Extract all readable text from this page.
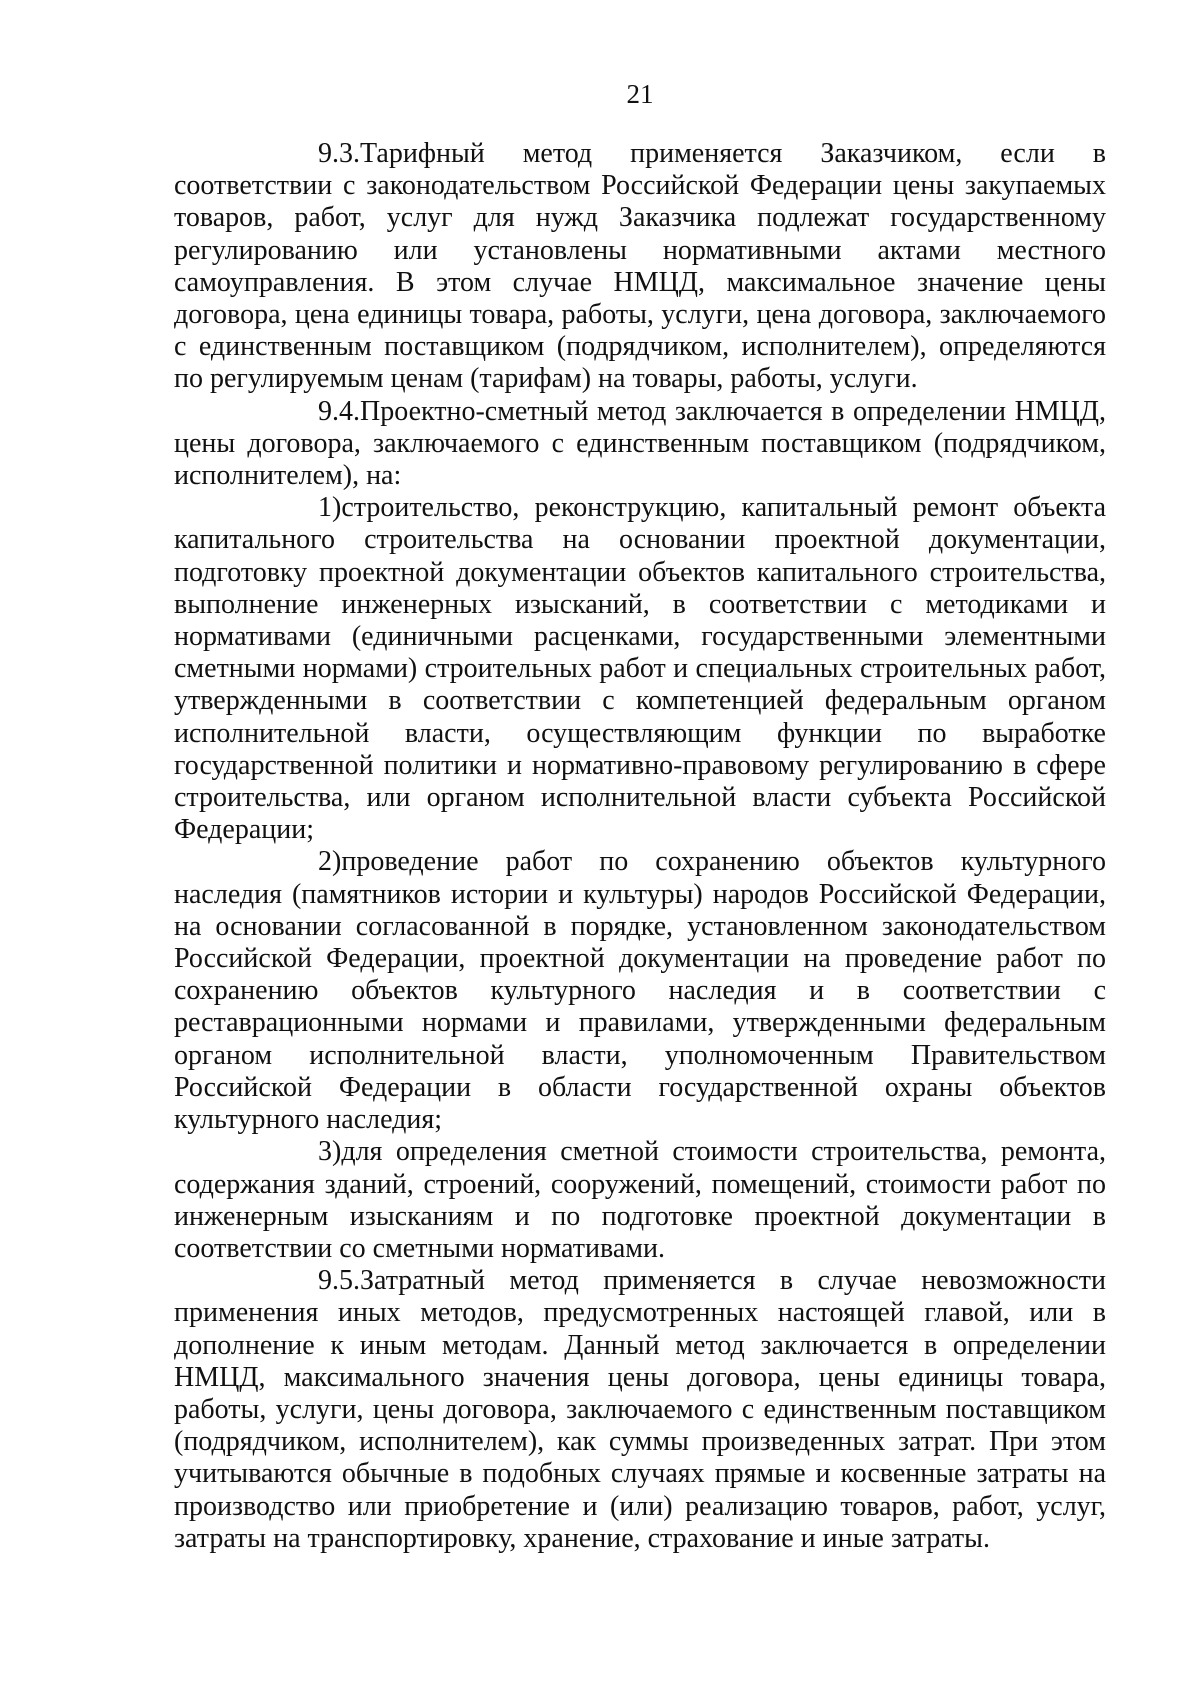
21

9.3.Тарифный метод применяется Заказчиком, если в соответствии с законодательством Российской Федерации цены закупаемых товаров, работ, услуг для нужд Заказчика подлежат государственному регулированию или установлены нормативными актами местного самоуправления. В этом случае НМЦД, максимальное значение цены договора, цена единицы товара, работы, услуги, цена договора, заключаемого с единственным поставщиком (подрядчиком, исполнителем), определяются по регулируемым ценам (тарифам) на товары, работы, услуги.

9.4.Проектно-сметный метод заключается в определении НМЦД, цены договора, заключаемого с единственным поставщиком (подрядчиком, исполнителем), на:

1)строительство, реконструкцию, капитальный ремонт объекта капитального строительства на основании проектной документации, подготовку проектной документации объектов капитального строительства, выполнение инженерных изысканий, в соответствии с методиками и нормативами (единичными расценками, государственными элементными сметными нормами) строительных работ и специальных строительных работ, утвержденными в соответствии с компетенцией федеральным органом исполнительной власти, осуществляющим функции по выработке государственной политики и нормативно-правовому регулированию в сфере строительства, или органом исполнительной власти субъекта Российской Федерации;

2)проведение работ по сохранению объектов культурного наследия (памятников истории и культуры) народов Российской Федерации, на основании согласованной в порядке, установленном законодательством Российской Федерации, проектной документации на проведение работ по сохранению объектов культурного наследия и в соответствии с реставрационными нормами и правилами, утвержденными федеральным органом исполнительной власти, уполномоченным Правительством Российской Федерации в области государственной охраны объектов культурного наследия;

3)для определения сметной стоимости строительства, ремонта, содержания зданий, строений, сооружений, помещений, стоимости работ по инженерным изысканиям и по подготовке проектной документации в соответствии со сметными нормативами.

9.5.Затратный метод применяется в случае невозможности применения иных методов, предусмотренных настоящей главой, или в дополнение к иным методам. Данный метод заключается в определении НМЦД, максимального значения цены договора, цены единицы товара, работы, услуги, цены договора, заключаемого с единственным поставщиком (подрядчиком, исполнителем), как суммы произведенных затрат. При этом учитываются обычные в подобных случаях прямые и косвенные затраты на производство или приобретение и (или) реализацию товаров, работ, услуг, затраты на транспортировку, хранение, страхование и иные затраты.
